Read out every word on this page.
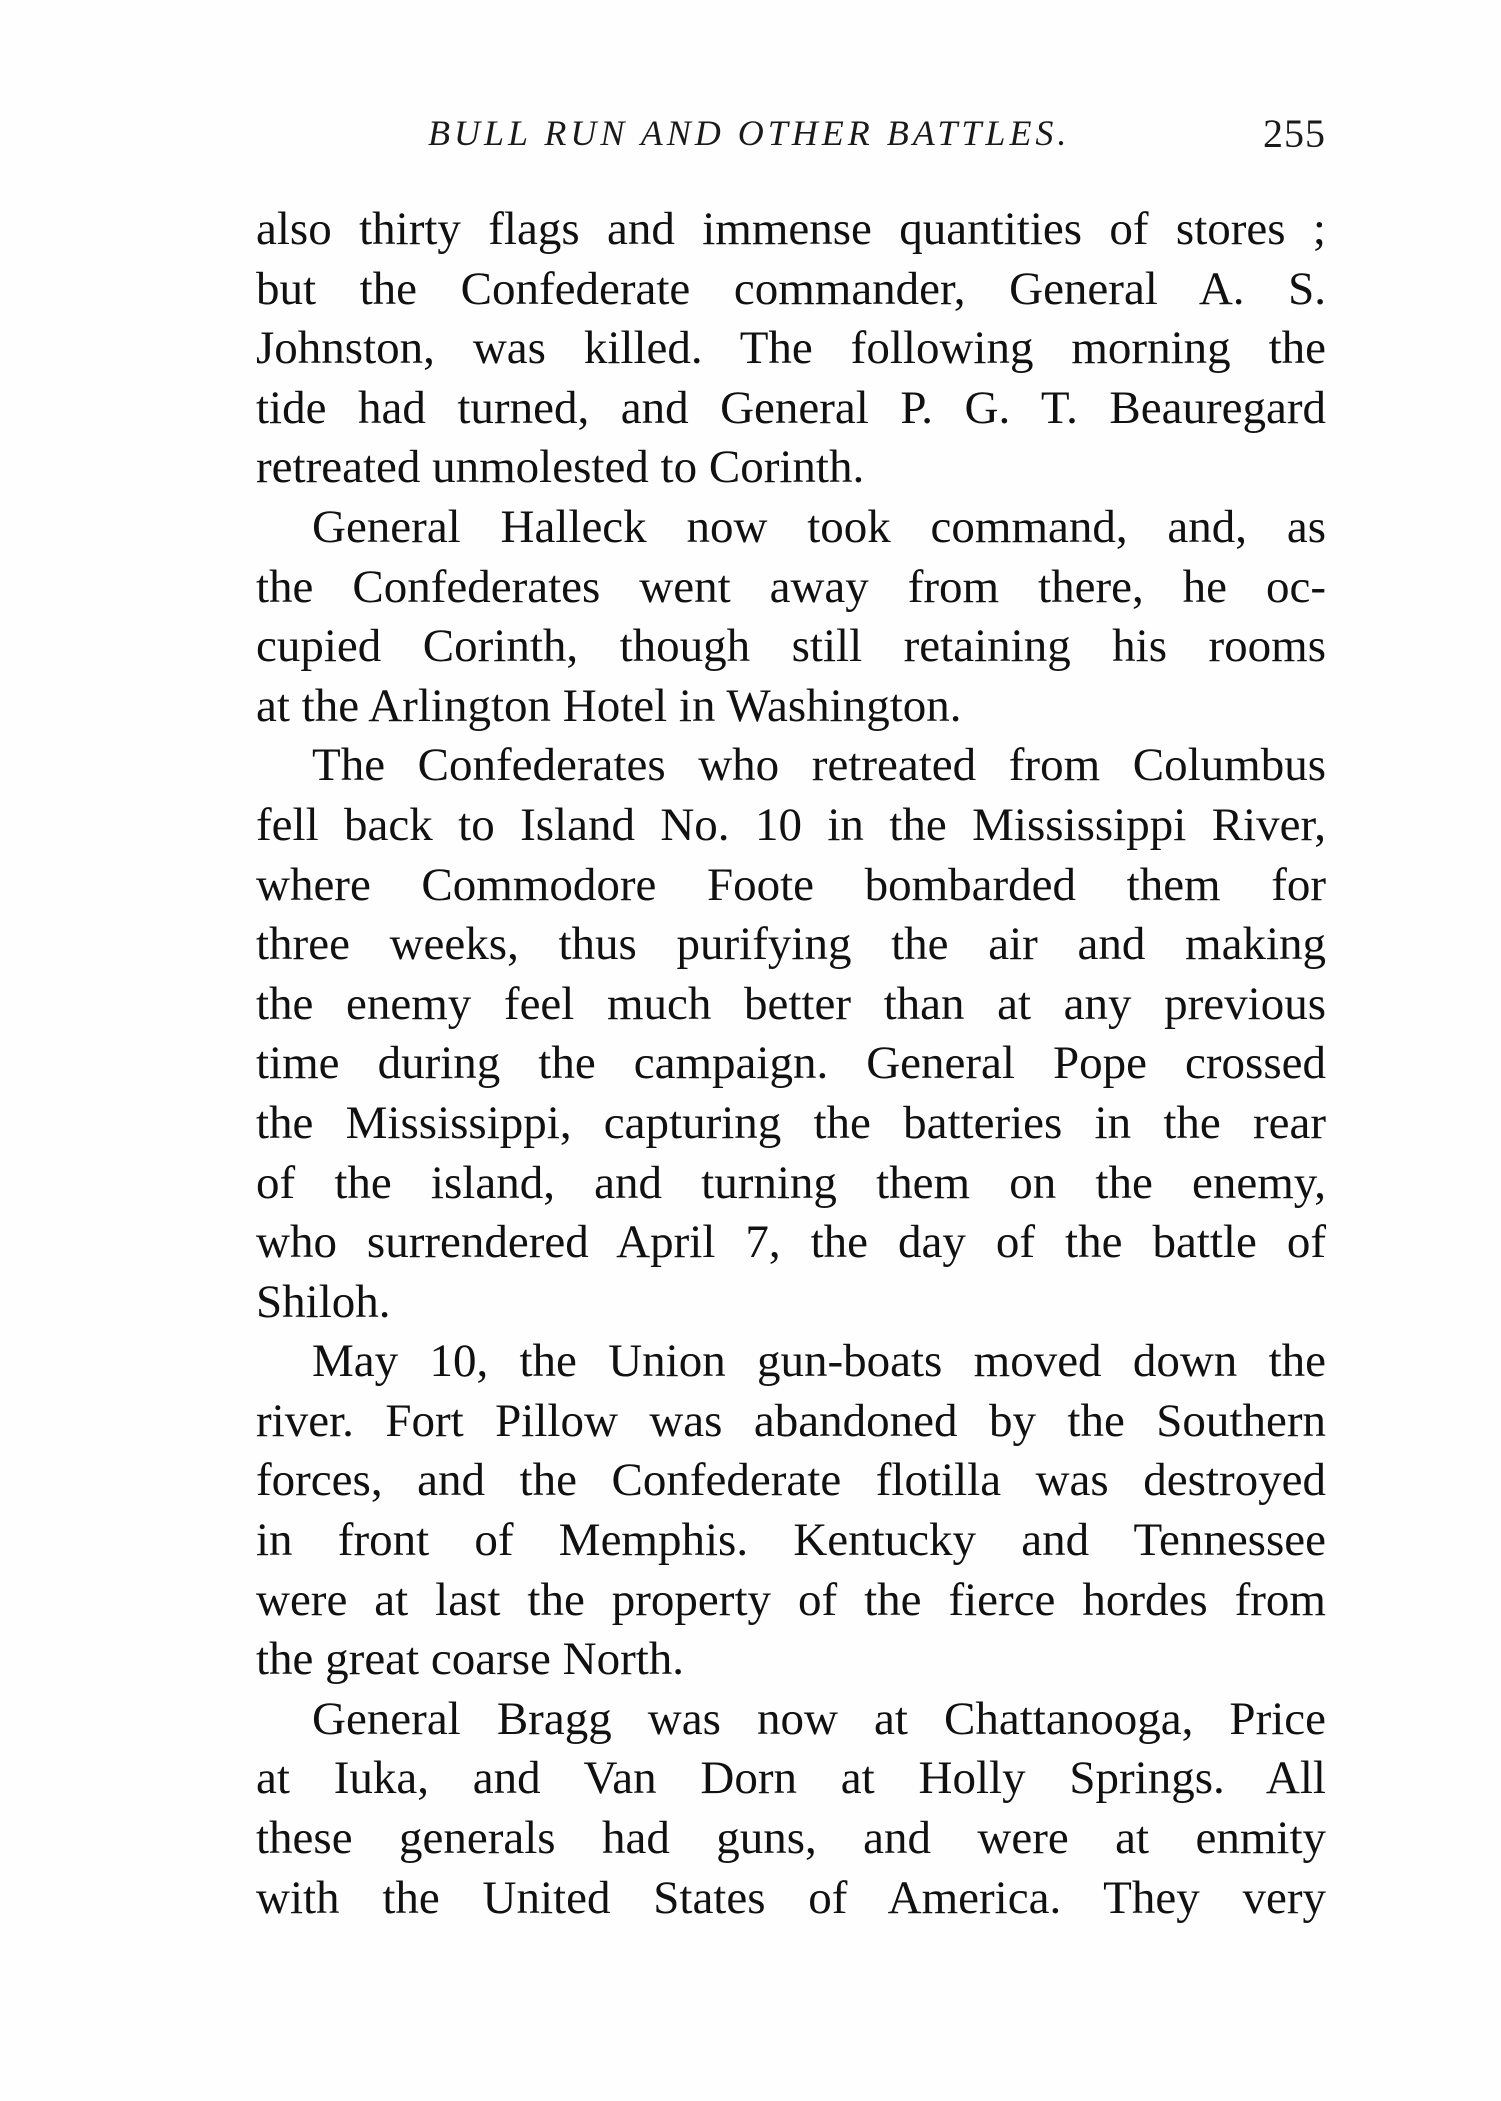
BULL RUN AND OTHER BATTLES.	255
also thirty flags and immense quantities of stores ;
but the Confederate commander, General A. S.
Johnston, was killed. The following morning the
tide had turned, and General P. G. T. Beauregard
retreated unmolested to Corinth.
General Halleck now took command, and, as
the Confederates went away from there, he oc-
cupied Corinth, though still retaining his rooms
at the Arlington Hotel in Washington.
The Confederates who retreated from Columbus
fell back to Island No. 10 in the Mississippi River,
where Commodore Foote bombarded them for
three weeks, thus purifying the air and making
the enemy feel much better than at any previous
time during the campaign. General Pope crossed
the Mississippi, capturing the batteries in the rear
of the island, and turning them on the enemy,
who surrendered April 7, the day of the battle of
Shiloh.
May 10, the Union gun-boats moved down the
river. Fort Pillow was abandoned by the Southern
forces, and the Confederate flotilla was destroyed
in front of Memphis. Kentucky and Tennessee
were at last the property of the fierce hordes from
the great coarse North.
General Bragg was now at Chattanooga, Price
at Iuka, and Van Dorn at Holly Springs. All
these generals had guns, and were at enmity
with the United States of America. They very
